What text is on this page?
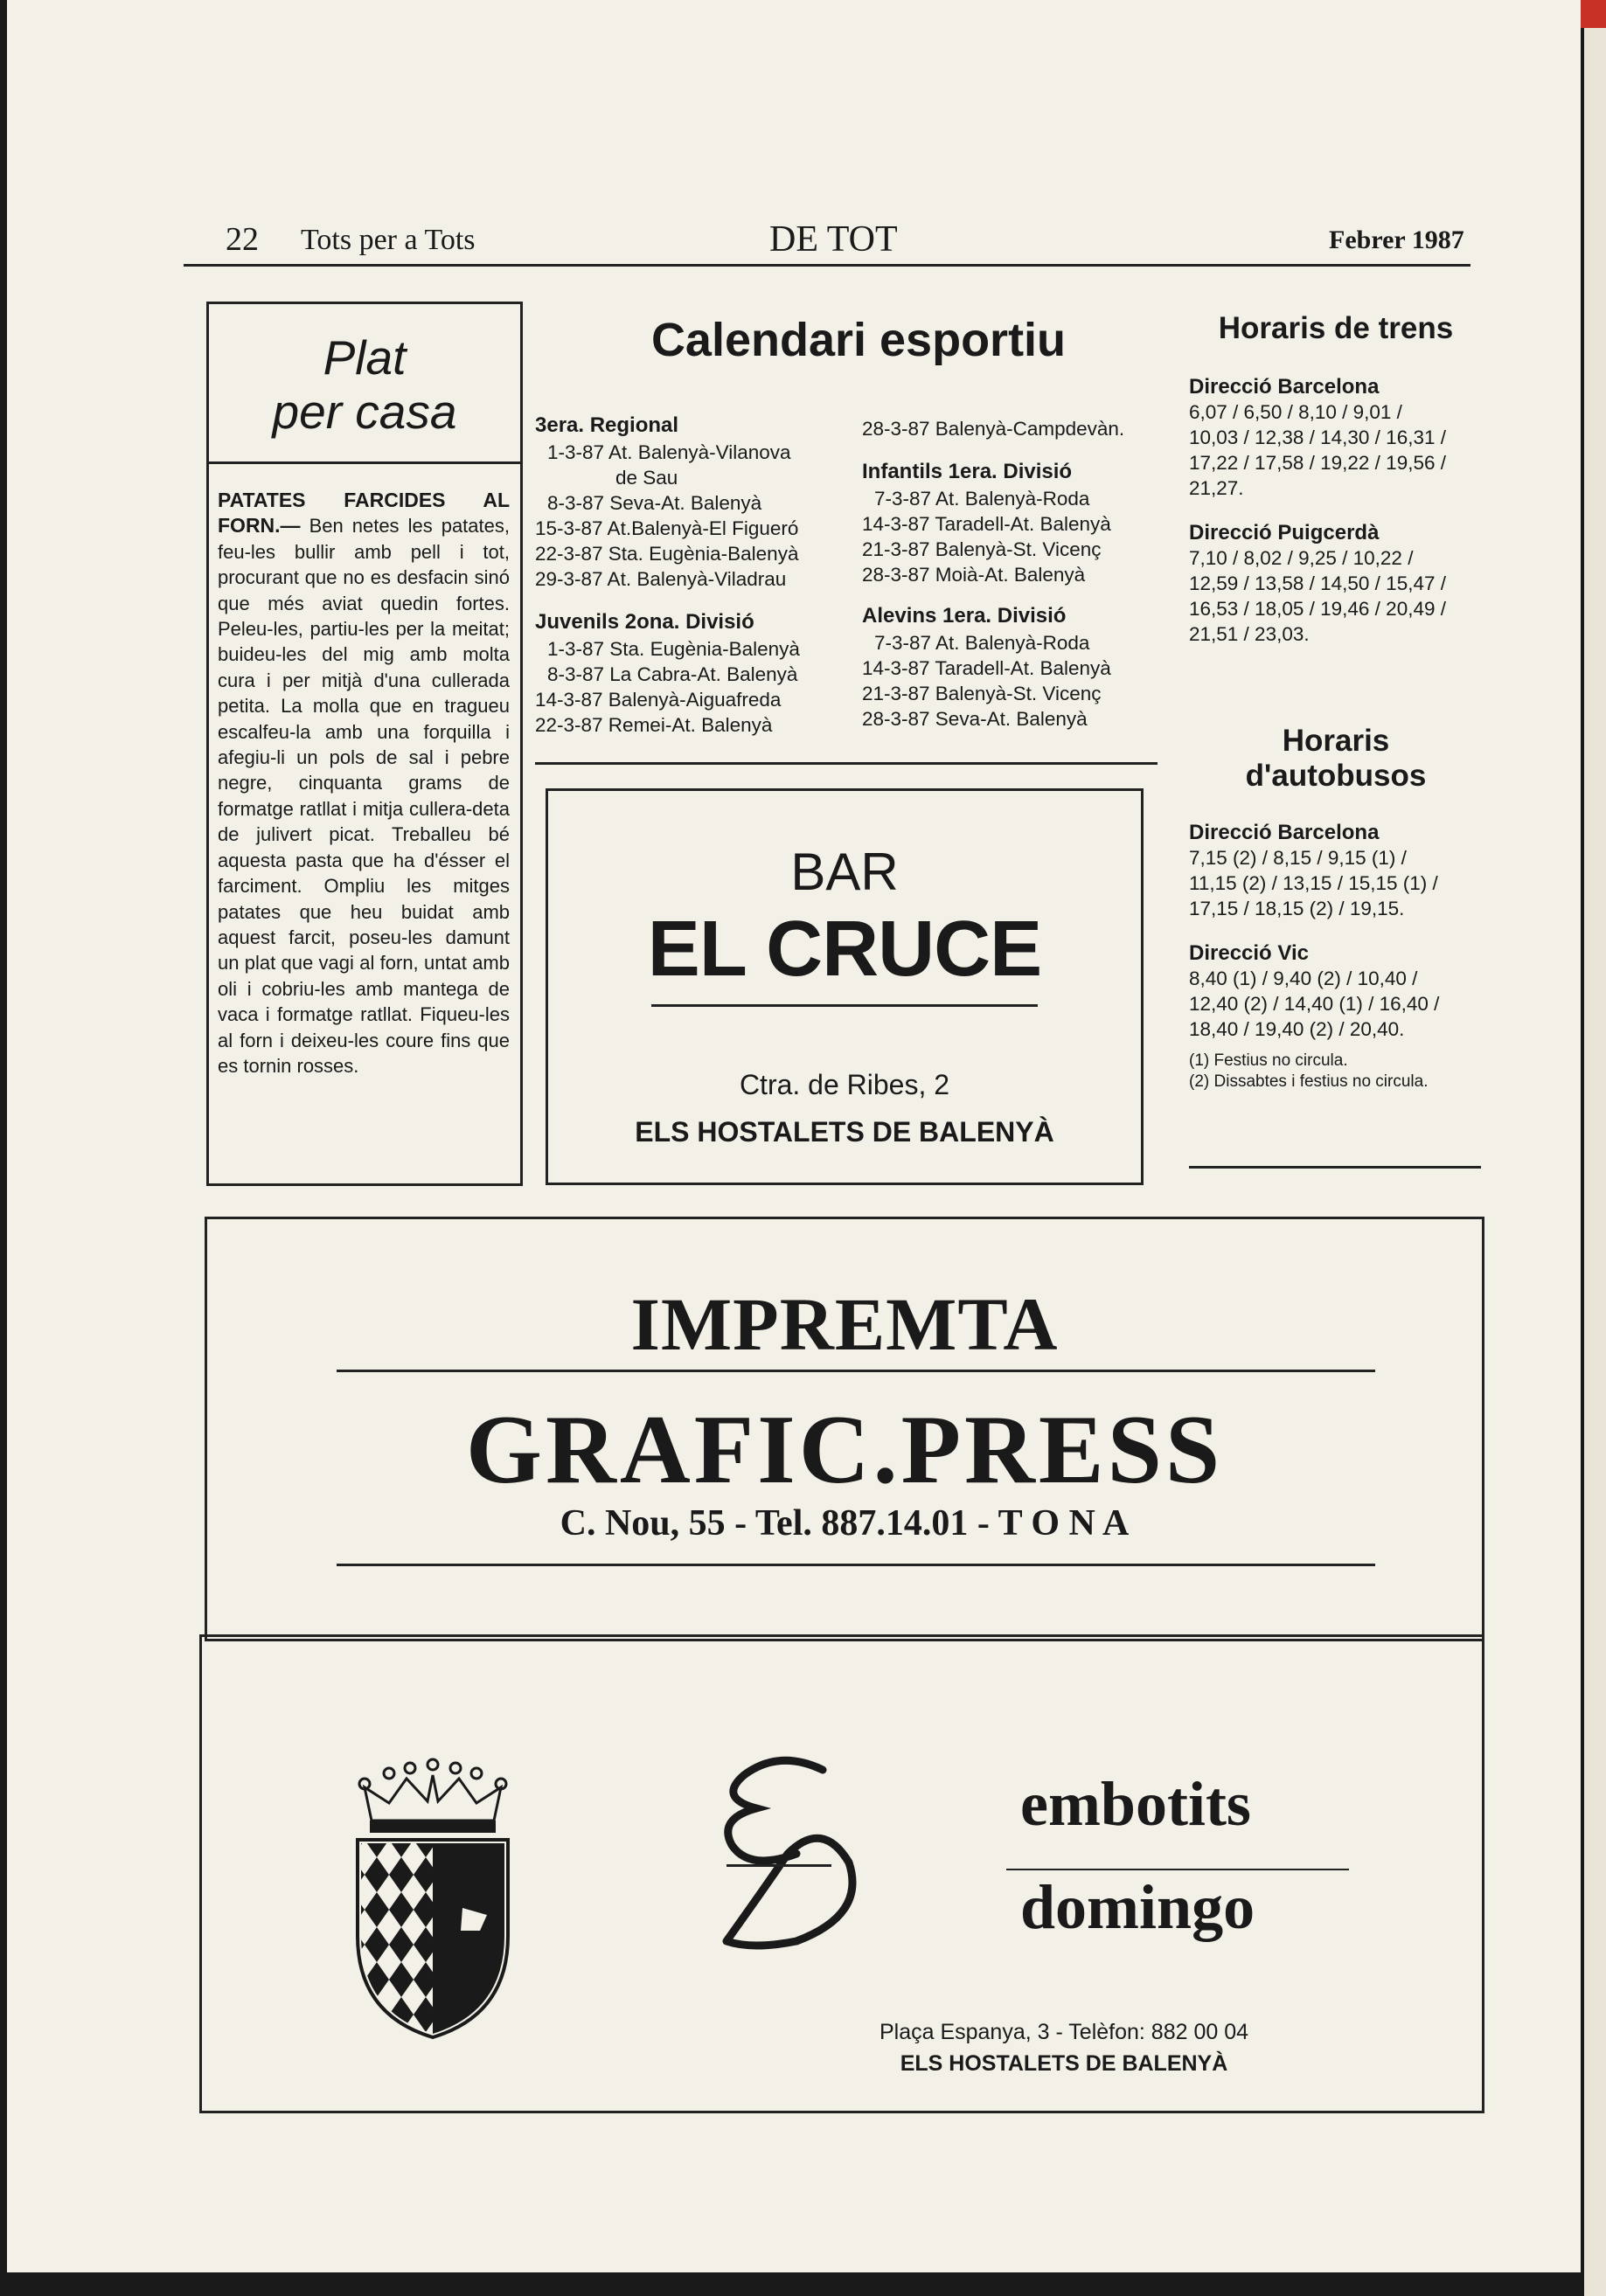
22 Tots per a Tots	DE TOT	Febrer 1987
Plat
per casa
PATATES FARCIDES AL FORN.— Ben netes les patates, feu-les bullir amb pell i tot, procurant que no es desfacin sinó que més aviat quedin fortes. Peleu-les, partiu-les per la meitat; buideu-les del mig amb molta cura i per mitjà d'una cullerada petita. La molla que en tragueu escalfeu-la amb una forquilla i afegiu-li un pols de sal i pebre negre, cinquanta grams de formatge ratllat i mitja cullera-deta de julivert picat. Treballeu bé aquesta pasta que ha d'ésser el farciment. Ompliu les mitges patates que heu buidat amb aquest farcit, poseu-les damunt un plat que vagi al forn, untat amb oli i cobriu-les amb mantega de vaca i formatge ratllat. Fiqueu-les al forn i deixeu-les coure fins que es tornin rosses.
Calendari esportiu
3era. Regional
1-3-87 At. Balenyà-Vilanova
de Sau
8-3-87 Seva-At. Balenyà
15-3-87 At.Balenyà-El Figueró
22-3-87 Sta. Eugènia-Balenyà
29-3-87 At. Balenyà-Viladrau
Juvenils 2ona. Divisió
1-3-87 Sta. Eugènia-Balenyà
8-3-87 La Cabra-At. Balenyà
14-3-87 Balenyà-Aiguafreda
22-3-87 Remei-At. Balenyà
28-3-87 Balenyà-Campdevàn.
Infantils 1era. Divisió
7-3-87 At. Balenyà-Roda
14-3-87 Taradell-At. Balenyà
21-3-87 Balenyà-St. Vicenç
28-3-87 Moià-At. Balenyà
Alevins 1era. Divisió
7-3-87 At. Balenyà-Roda
14-3-87 Taradell-At. Balenyà
21-3-87 Balenyà-St. Vicenç
28-3-87 Seva-At. Balenyà
BAR
EL CRUCE
Ctra. de Ribes, 2
ELS HOSTALETS DE BALENYÀ
Horaris de trens
Direcció Barcelona
6,07 / 6,50 / 8,10 / 9,01 /
10,03 / 12,38 / 14,30 / 16,31 /
17,22 / 17,58 / 19,22 / 19,56 /
21,27.
Direcció Puigcerdà
7,10 / 8,02 / 9,25 / 10,22 /
12,59 / 13,58 / 14,50 / 15,47 /
16,53 / 18,05 / 19,46 / 20,49 /
21,51 / 23,03.
Horaris
d'autobusos
Direcció Barcelona
7,15 (2) / 8,15 / 9,15 (1) /
11,15 (2) / 13,15 / 15,15 (1) /
17,15 / 18,15 (2) / 19,15.
Direcció Vic
8,40 (1) / 9,40 (2) / 10,40 /
12,40 (2) / 14,40 (1) / 16,40 /
18,40 / 19,40 (2) / 20,40.
(1) Festius no circula.
(2) Dissabtes i festius no circula.
IMPREMTA
GRAFIC.PRESS
C. Nou, 55 - Tel. 887.14.01 - T O N A
embotits
domingo
Plaça Espanya, 3 - Telèfon: 882 00 04
ELS HOSTALETS DE BALENYÀ
